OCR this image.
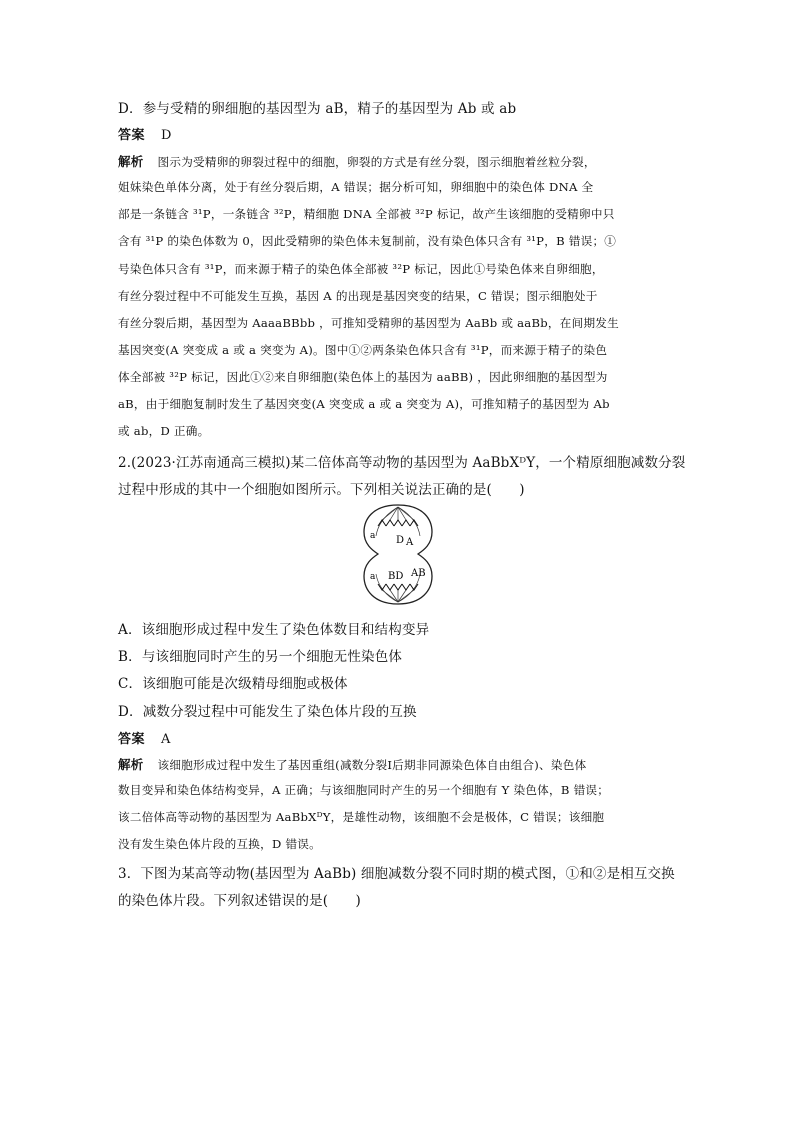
D．参与受精的卵细胞的基因型为 aB，精子的基因型为 Ab 或 ab
答案 D
解析 图示为受精卵的卵裂过程中的细胞，卵裂的方式是有丝分裂，图示细胞着丝粒分裂，
姐妹染色单体分离，处于有丝分裂后期，A 错误；据分析可知，卵细胞中的染色体 DNA 全
部是一条链含 ³¹P，一条链含 ³²P，精细胞 DNA 全部被 ³²P 标记，故产生该细胞的受精卵中只
含有 ³¹P 的染色体数为 0，因此受精卵的染色体未复制前，没有染色体只含有 ³¹P，B 错误；①
号染色体只含有 ³¹P，而来源于精子的染色体全部被 ³²P 标记，因此①号染色体来自卵细胞，
有丝分裂过程中不可能发生互换，基因 A 的出现是基因突变的结果，C 错误；图示细胞处于
有丝分裂后期，基因型为 AaaaBBbb ，可推知受精卵的基因型为 AaBb 或 aaBb，在间期发生
基因突变(A 突变成 a 或 a 突变为 A)。图中①②两条染色体只含有 ³¹P，而来源于精子的染色
体全部被 ³²P 标记，因此①②来自卵细胞(染色体上的基因为 aaBB) ，因此卵细胞的基因型为
aB，由于细胞复制时发生了基因突变(A 突变成 a 或 a 突变为 A)，可推知精子的基因型为 Ab
或 ab，D 正确。
2.(2023·江苏南通高三模拟)某二倍体高等动物的基因型为 AaBbXᴰY，一个精原细胞减数分裂
过程中形成的其中一个细胞如图所示。下列相关说法正确的是(　　)
a D A
a BD AB
A．该细胞形成过程中发生了染色体数目和结构变异
B．与该细胞同时产生的另一个细胞无性染色体
C．该细胞可能是次级精母细胞或极体
D．减数分裂过程中可能发生了染色体片段的互换
答案 A
解析 该细胞形成过程中发生了基因重组(减数分裂Ⅰ后期非同源染色体自由组合)、染色体
数目变异和染色体结构变异，A 正确；与该细胞同时产生的另一个细胞有 Y 染色体，B 错误；
该二倍体高等动物的基因型为 AaBbXᴰY，是雄性动物，该细胞不会是极体，C 错误；该细胞
没有发生染色体片段的互换，D 错误。
3．下图为某高等动物(基因型为 AaBb) 细胞减数分裂不同时期的模式图，①和②是相互交换
的染色体片段。下列叙述错误的是(　　)
